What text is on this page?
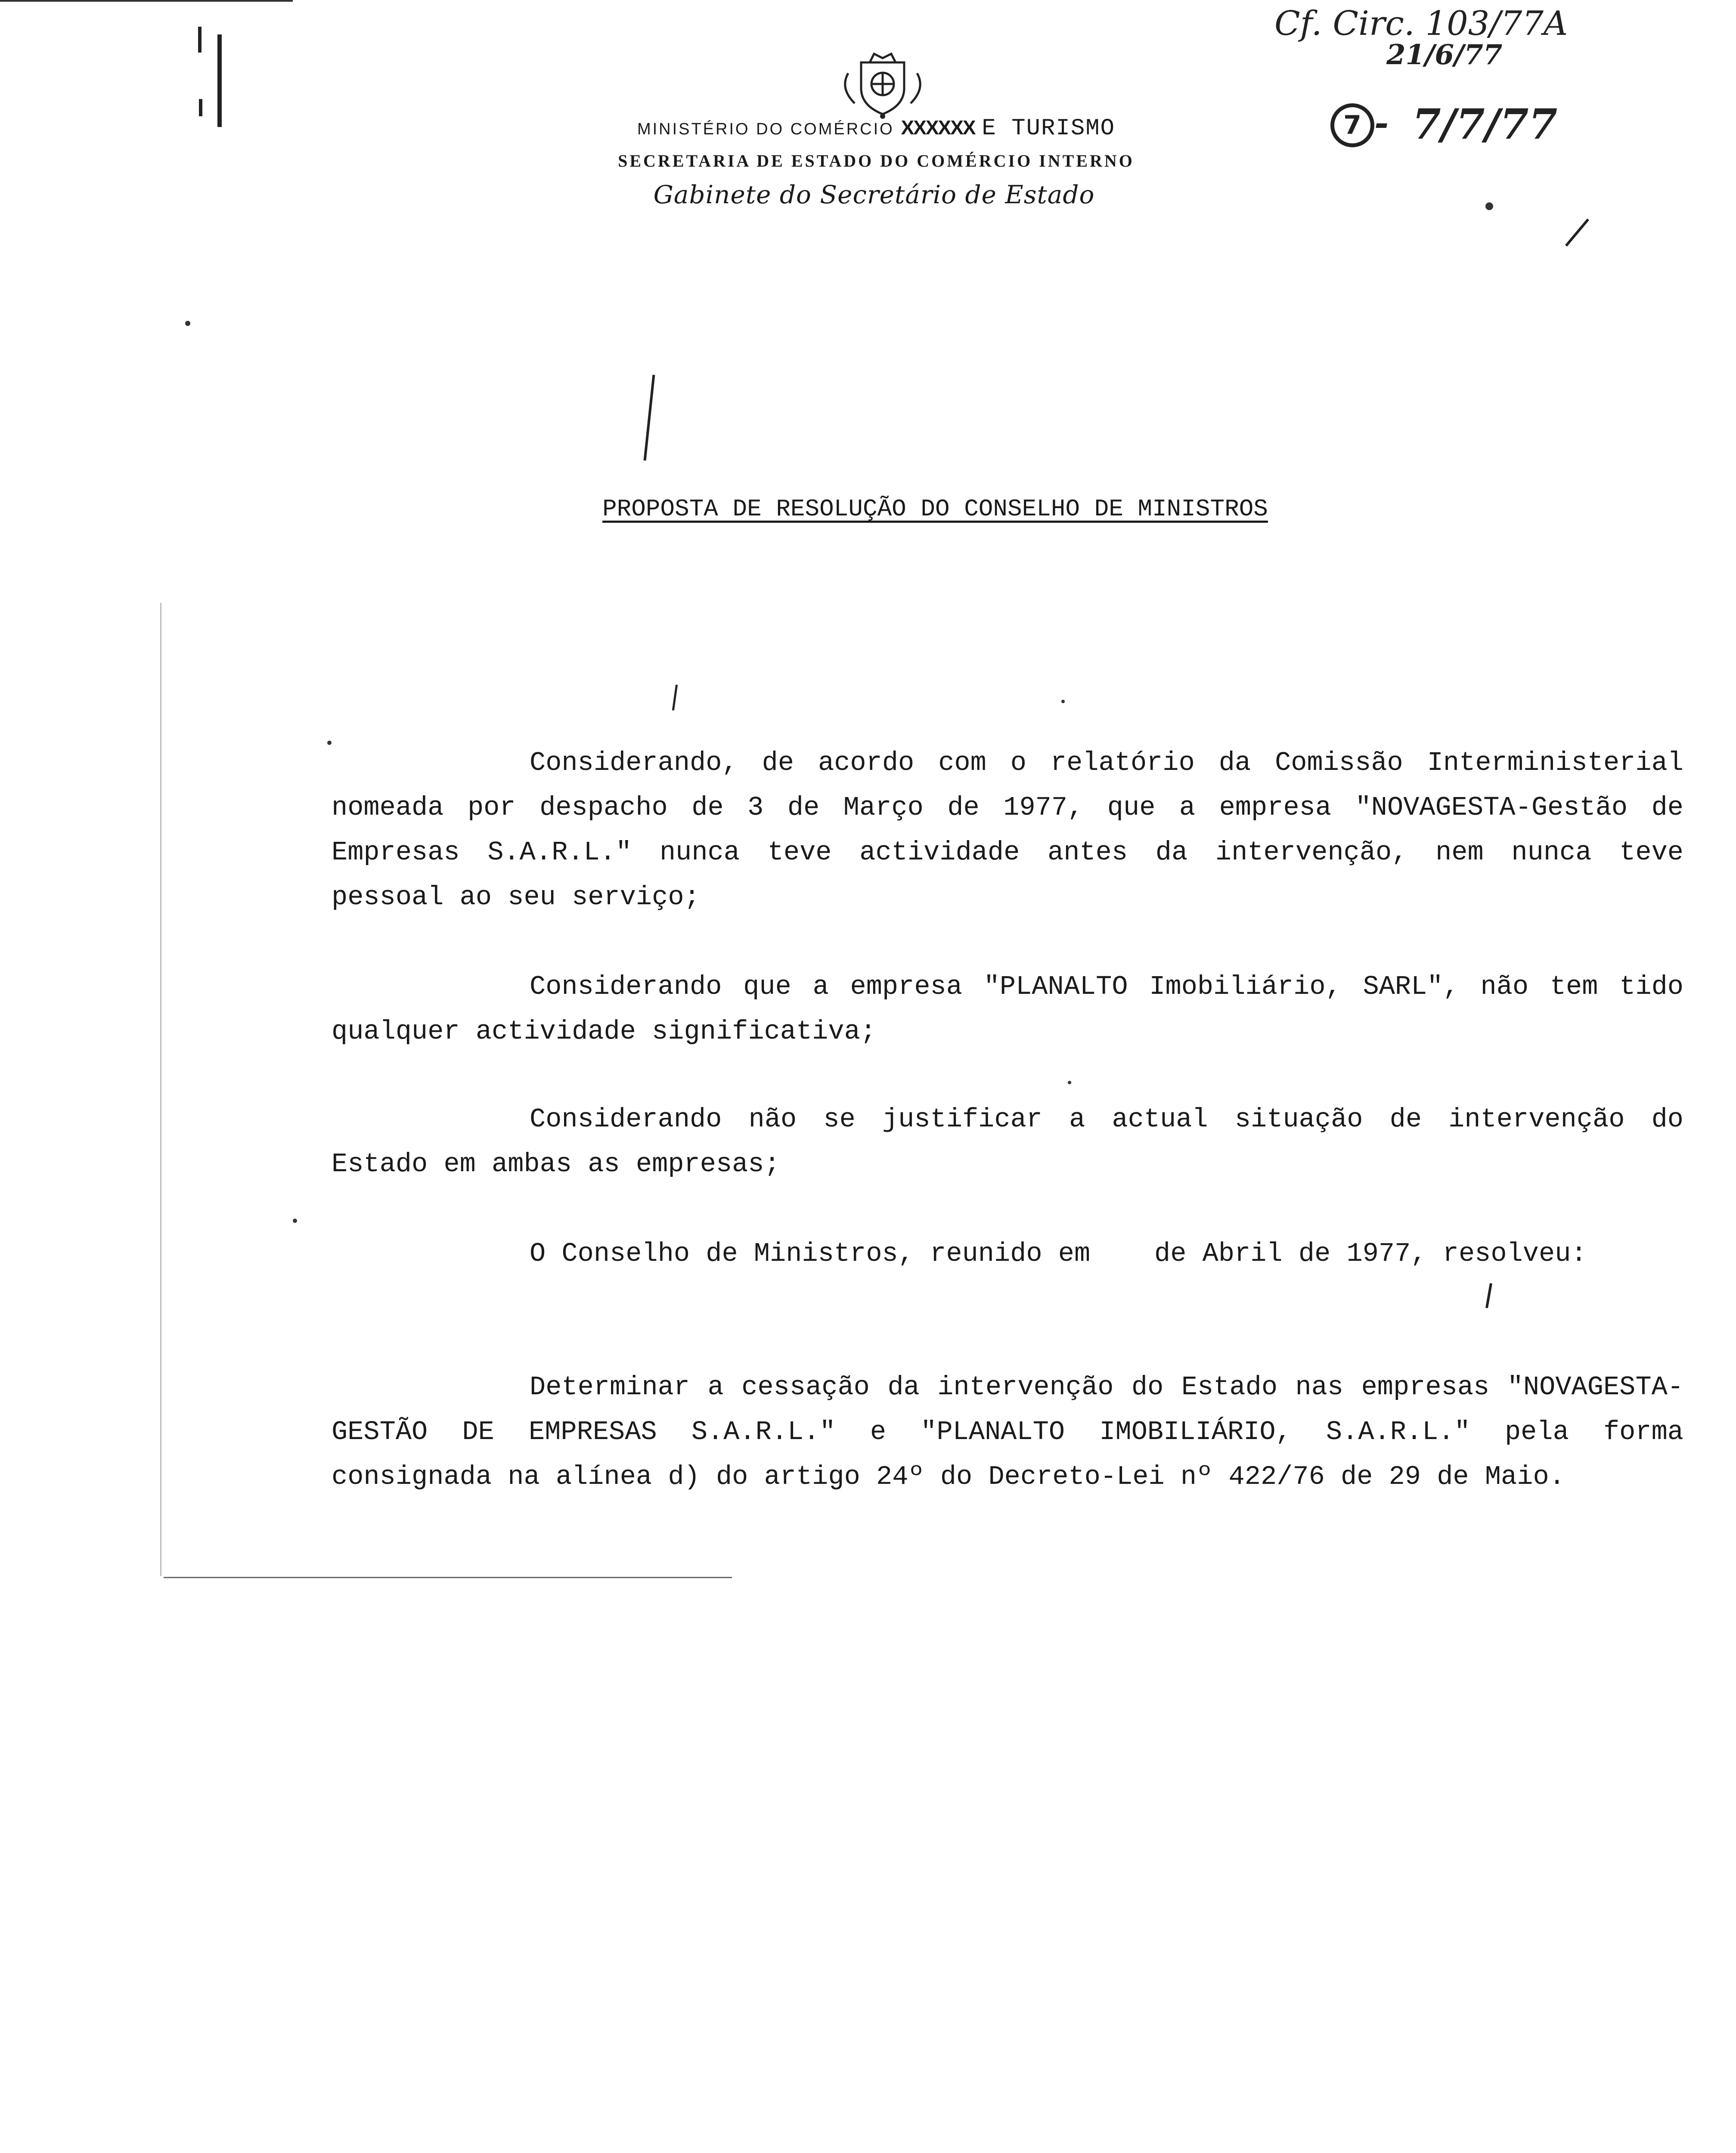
MINISTÉRIO DO COMÉRCIO XXXXXX E TURISMO
SECRETARIA DE ESTADO DO COMÉRCIO INTERNO
Gabinete do Secretário de Estado
Cf. Circ. 103/77A
21/6/77
7 - 7/7/77
PROPOSTA DE RESOLUÇÃO DO CONSELHO DE MINISTROS
Considerando, de acordo com o relatório da Comissão Interministerial nomeada por despacho de 3 de Março de 1977, que a empresa "NOVAGESTA-Gestão de Empresas S.A.R.L." nunca teve actividade antes da intervenção, nem nunca teve pessoal ao seu serviço;
Considerando que a empresa "PLANALTO Imobiliário, SARL", não tem tido qualquer actividade significativa;
Considerando não se justificar a actual situação de intervenção do Estado em ambas as empresas;
O Conselho de Ministros, reunido em    de Abril de 1977, resolveu:
Determinar a cessação da intervenção do Estado nas empresas "NOVAGESTA-GESTÃO DE EMPRESAS S.A.R.L." e "PLANALTO IMOBILIÁRIO, S.A.R.L." pela forma consignada na alínea d) do artigo 24º do Decreto-Lei nº 422/76 de 29 de Maio.
